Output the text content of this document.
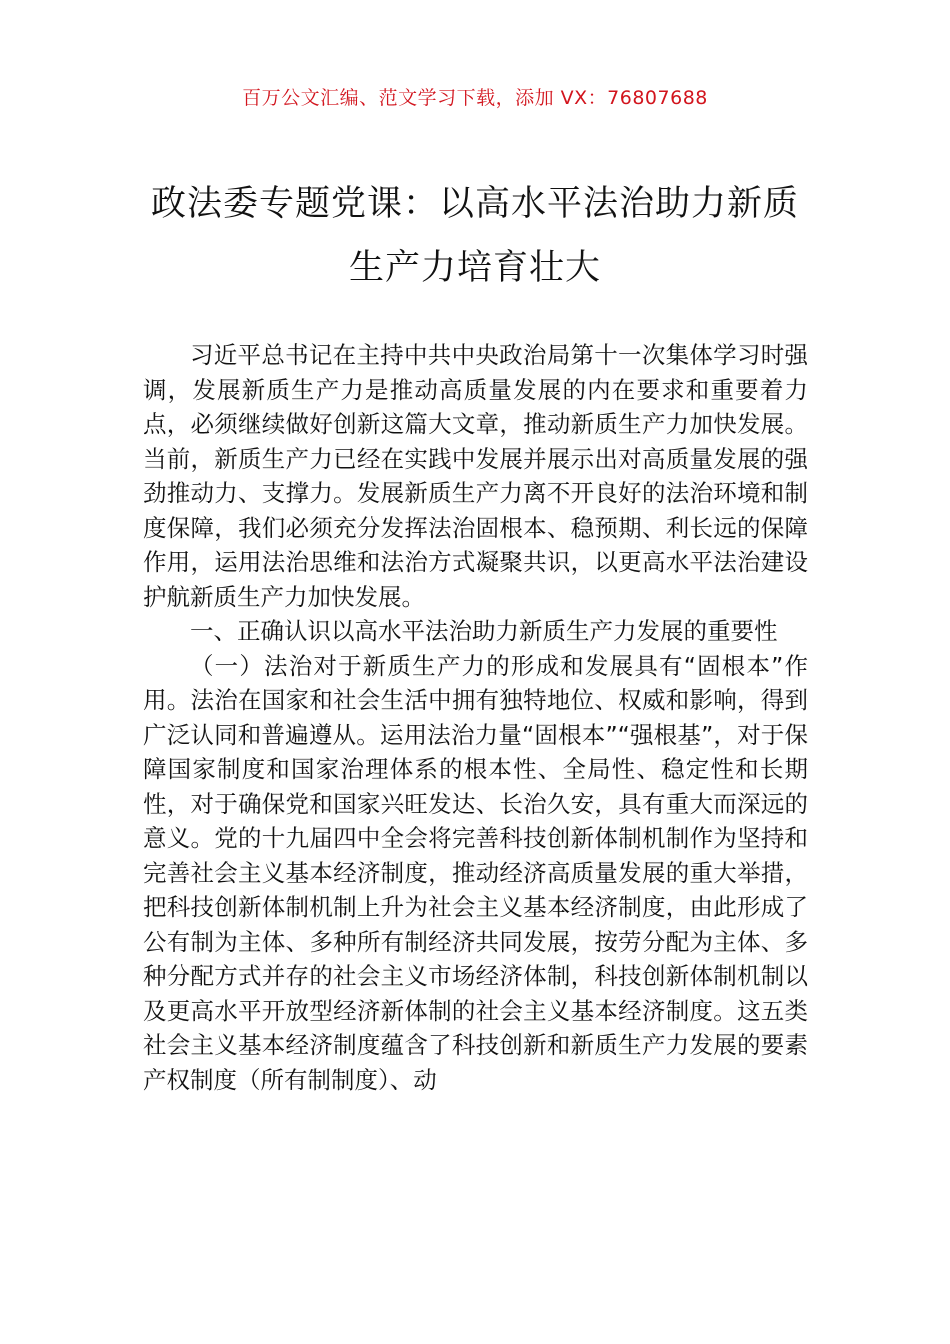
百万公文汇编、范文学习下载，添加 VX：76807688
政法委专题党课：以高水平法治助力新质
生产力培育壮大

习近平总书记在主持中共中央政治局第十一次集体学习时强调，发展新质生产力是推动高质量发展的内在要求和重要着力点，必须继续做好创新这篇大文章，推动新质生产力加快发展。当前，新质生产力已经在实践中发展并展示出对高质量发展的强劲推动力、支撑力。发展新质生产力离不开良好的法治环境和制度保障，我们必须充分发挥法治固根本、稳预期、利长远的保障作用，运用法治思维和法治方式凝聚共识，以更高水平法治建设护航新质生产力加快发展。

一、正确认识以高水平法治助力新质生产力发展的重要性

（一）法治对于新质生产力的形成和发展具有“固根本”作用。法治在国家和社会生活中拥有独特地位、权威和影响，得到广泛认同和普遍遵从。运用法治力量“固根本”“强根基”，对于保障国家制度和国家治理体系的根本性、全局性、稳定性和长期性，对于确保党和国家兴旺发达、长治久安，具有重大而深远的意义。党的十九届四中全会将完善科技创新体制机制作为坚持和完善社会主义基本经济制度，推动经济高质量发展的重大举措，把科技创新体制机制上升为社会主义基本经济制度，由此形成了公有制为主体、多种所有制经济共同发展，按劳分配为主体、多种分配方式并存的社会主义市场经济体制，科技创新体制机制以及更高水平开放型经济新体制的社会主义基本经济制度。这五类社会主义基本经济制度蕴含了科技创新和新质生产力发展的要素产权制度（所有制制度）、动
